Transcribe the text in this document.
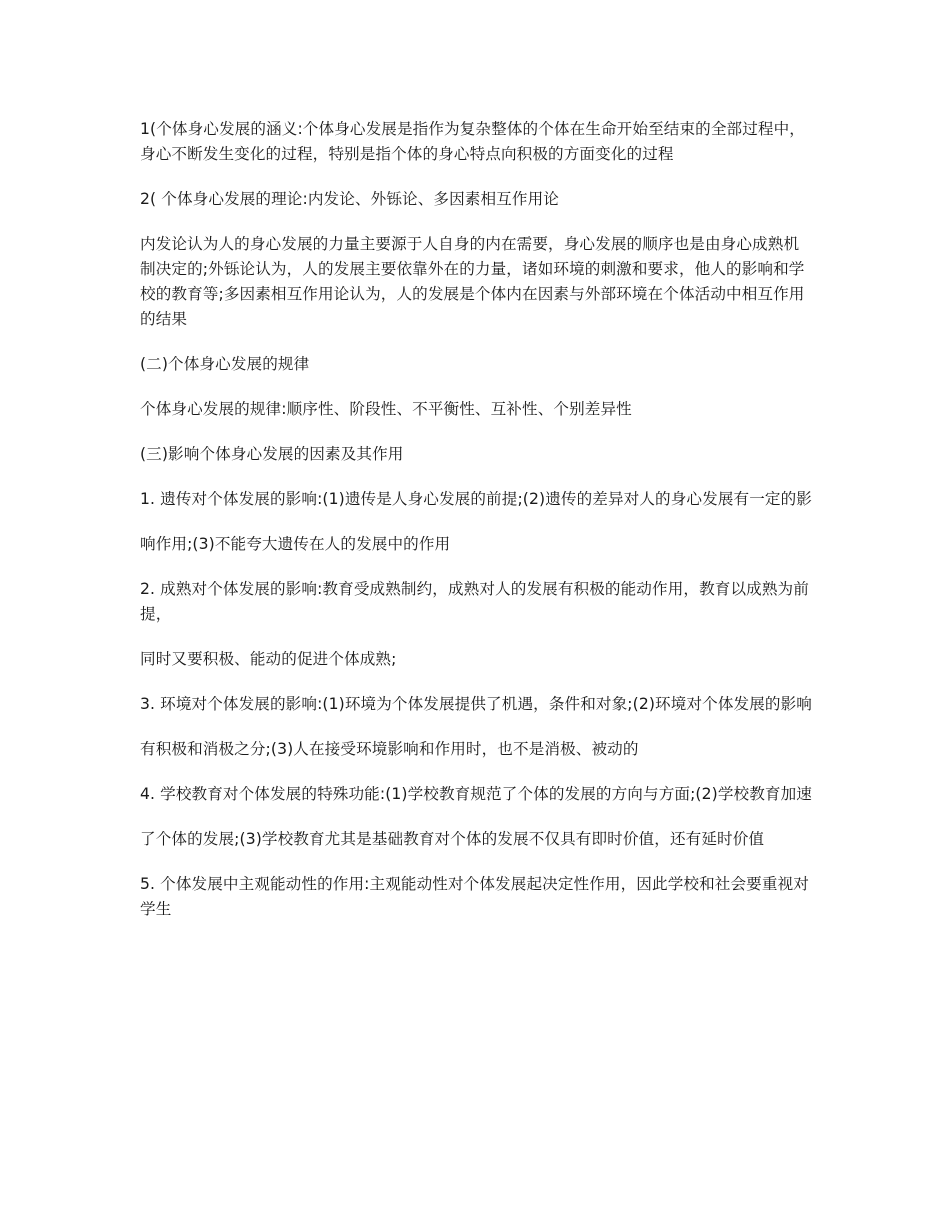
1(个体身心发展的涵义:个体身心发展是指作为复杂整体的个体在生命开始至结束的全部过程中，身心不断发生变化的过程，特别是指个体的身心特点向积极的方面变化的过程

2( 个体身心发展的理论:内发论、外铄论、多因素相互作用论

内发论认为人的身心发展的力量主要源于人自身的内在需要，身心发展的顺序也是由身心成熟机制决定的;外铄论认为，人的发展主要依靠外在的力量，诸如环境的刺激和要求，他人的影响和学校的教育等;多因素相互作用论认为，人的发展是个体内在因素与外部环境在个体活动中相互作用的结果

(二)个体身心发展的规律

个体身心发展的规律:顺序性、阶段性、不平衡性、互补性、个别差异性

(三)影响个体身心发展的因素及其作用

1. 遗传对个体发展的影响:(1)遗传是人身心发展的前提;(2)遗传的差异对人的身心发展有一定的影

响作用;(3)不能夸大遗传在人的发展中的作用

2. 成熟对个体发展的影响:教育受成熟制约，成熟对人的发展有积极的能动作用，教育以成熟为前提，

同时又要积极、能动的促进个体成熟;

3. 环境对个体发展的影响:(1)环境为个体发展提供了机遇，条件和对象;(2)环境对个体发展的影响

有积极和消极之分;(3)人在接受环境影响和作用时，也不是消极、被动的

4. 学校教育对个体发展的特殊功能:(1)学校教育规范了个体的发展的方向与方面;(2)学校教育加速

了个体的发展;(3)学校教育尤其是基础教育对个体的发展不仅具有即时价值，还有延时价值

5. 个体发展中主观能动性的作用:主观能动性对个体发展起决定性作用，因此学校和社会要重视对学生
